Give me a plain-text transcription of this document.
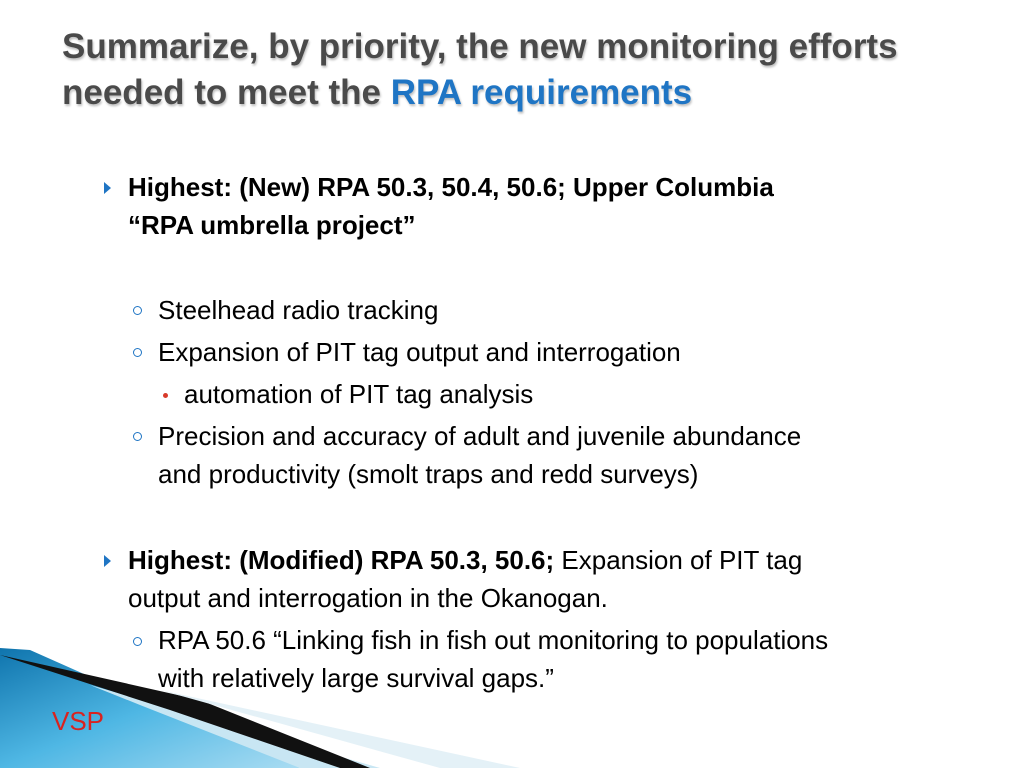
Summarize, by priority, the new monitoring efforts needed to meet the RPA requirements
Highest: (New) RPA 50.3, 50.4, 50.6; Upper Columbia
“RPA umbrella project”
Steelhead radio tracking
Expansion of PIT tag output and interrogation
automation of PIT tag analysis
Precision and accuracy of adult and juvenile abundance
and productivity (smolt traps and redd surveys)
Highest: (Modified) RPA 50.3, 50.6; Expansion of PIT tag
output and interrogation in the Okanogan.
RPA 50.6 “Linking fish in fish out monitoring to populations
with relatively large survival gaps.”
VSP
